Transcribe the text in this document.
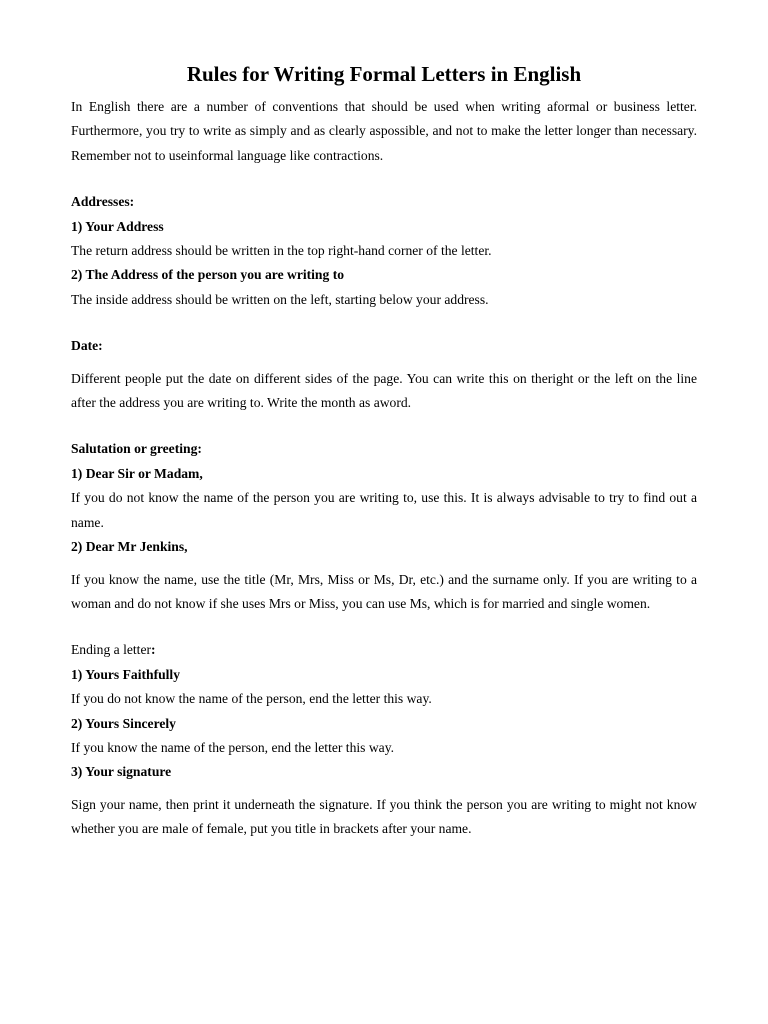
Rules for Writing Formal Letters in English

In English there are a number of conventions that should be used when writing aformal or business letter. Furthermore, you try to write as simply and as clearly aspossible, and not to make the letter longer than necessary. Remember not to useinformal language like contractions.

Addresses:

1) Your Address

The return address should be written in the top right-hand corner of the letter.

2) The Address of the person you are writing to

The inside address should be written on the left, starting below your address.

Date:

Different people put the date on different sides of the page. You can write this on theright or the left on the line after the address you are writing to. Write the month as aword.

Salutation or greeting:

1) Dear Sir or Madam,

If you do not know the name of the person you are writing to, use this. It is always advisable to try to find out a name.

2) Dear Mr Jenkins,

If you know the name, use the title (Mr, Mrs, Miss or Ms, Dr, etc.) and the surname only. If you are writing to a woman and do not know if she uses Mrs or Miss, you can use Ms, which is for married and single women.

Ending a letter:

1) Yours Faithfully

If you do not know the name of the person, end the letter this way.

2) Yours Sincerely

If you know the name of the person, end the letter this way.

3) Your signature

Sign your name, then print it underneath the signature. If you think the person you are writing to might not know whether you are male of female, put you title in brackets after your name.
